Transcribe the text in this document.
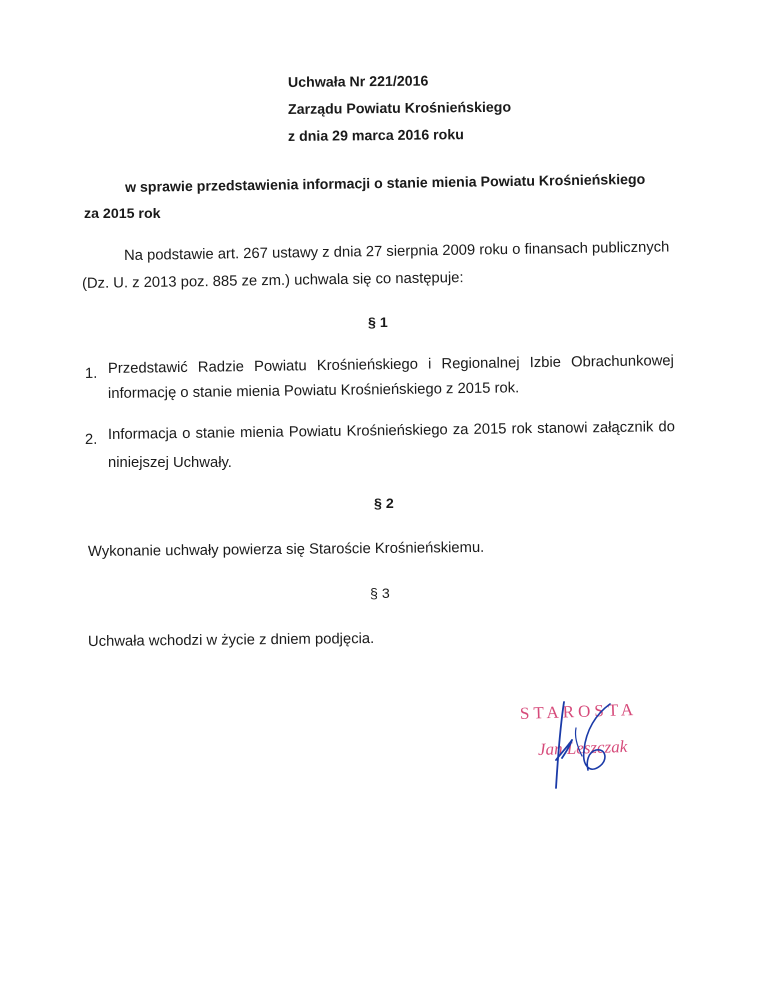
Uchwała Nr 221/2016
Zarządu Powiatu Krośnieńskiego
z dnia 29 marca 2016 roku
w sprawie przedstawienia informacji o stanie mienia Powiatu Krośnieńskiego
za 2015 rok
Na podstawie art. 267 ustawy z dnia 27 sierpnia 2009 roku o finansach publicznych
(Dz. U. z 2013 poz. 885 ze zm.) uchwala się co następuje:
§ 1
1. Przedstawić Radzie Powiatu Krośnieńskiego i Regionalnej Izbie Obrachunkowej
informację o stanie mienia Powiatu Krośnieńskiego z 2015 rok.
2. Informacja o stanie mienia Powiatu Krośnieńskiego za 2015 rok stanowi załącznik do
niniejszej Uchwały.
§ 2
Wykonanie uchwały powierza się Staroście Krośnieńskiemu.
§ 3
Uchwała wchodzi w życie z dniem podjęcia.
STAROSTA
Jan Leszczak
